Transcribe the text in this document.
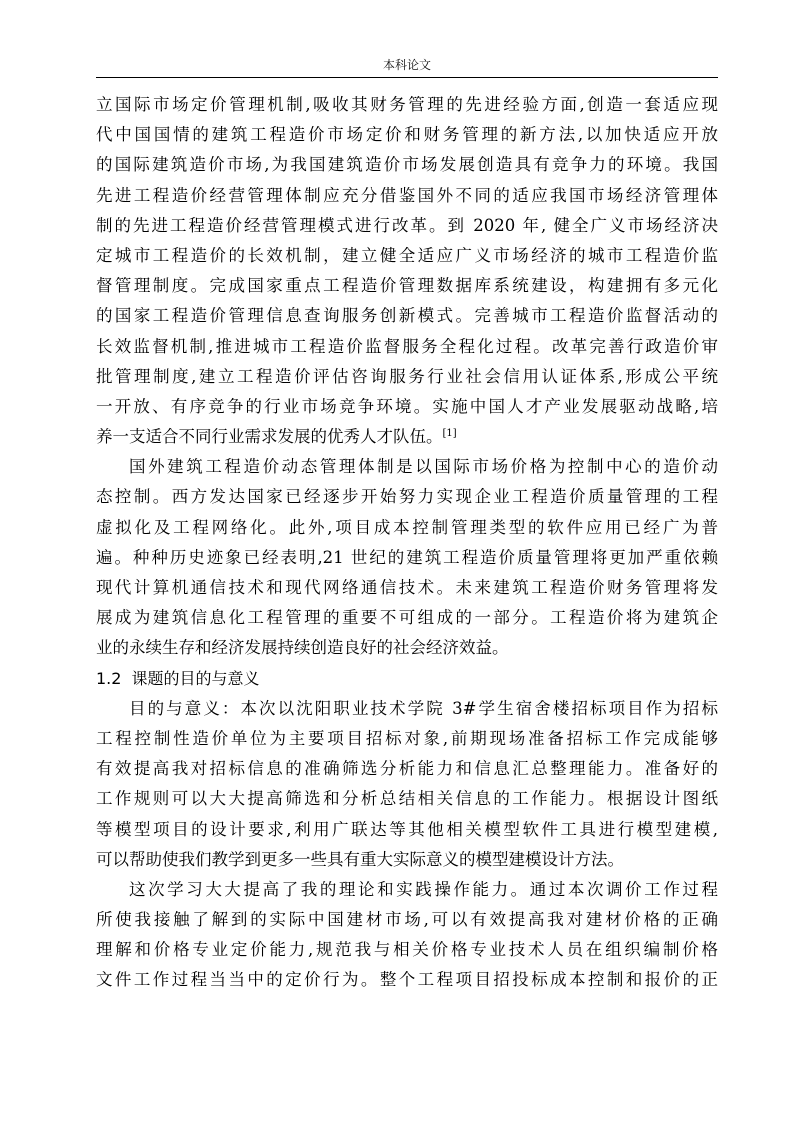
本科论文
立国际市场定价管理机制,吸收其财务管理的先进经验方面,创造一套适应现
代中国国情的建筑工程造价市场定价和财务管理的新方法,以加快适应开放
的国际建筑造价市场,为我国建筑造价市场发展创造具有竞争力的环境。我国
先进工程造价经营管理体制应充分借鉴国外不同的适应我国市场经济管理体
制的先进工程造价经营管理模式进行改革。到 2020 年, 健全广义市场经济决
定城市工程造价的长效机制，建立健全适应广义市场经济的城市工程造价监
督管理制度。完成国家重点工程造价管理数据库系统建设，构建拥有多元化
的国家工程造价管理信息查询服务创新模式。完善城市工程造价监督活动的
长效监督机制,推进城市工程造价监督服务全程化过程。改革完善行政造价审
批管理制度,建立工程造价评估咨询服务行业社会信用认证体系,形成公平统
一开放、有序竞争的行业市场竞争环境。实施中国人才产业发展驱动战略,培
养一支适合不同行业需求发展的优秀人才队伍。[1]
国外建筑工程造价动态管理体制是以国际市场价格为控制中心的造价动
态控制。西方发达国家已经逐步开始努力实现企业工程造价质量管理的工程
虚拟化及工程网络化。此外,项目成本控制管理类型的软件应用已经广为普
遍。种种历史迹象已经表明,21 世纪的建筑工程造价质量管理将更加严重依赖
现代计算机通信技术和现代网络通信技术。未来建筑工程造价财务管理将发
展成为建筑信息化工程管理的重要不可组成的一部分。工程造价将为建筑企
业的永续生存和经济发展持续创造良好的社会经济效益。
1.2 课题的目的与意义
目的与意义：本次以沈阳职业技术学院 3#学生宿舍楼招标项目作为招标
工程控制性造价单位为主要项目招标对象,前期现场准备招标工作完成能够
有效提高我对招标信息的准确筛选分析能力和信息汇总整理能力。准备好的
工作规则可以大大提高筛选和分析总结相关信息的工作能力。根据设计图纸
等模型项目的设计要求,利用广联达等其他相关模型软件工具进行模型建模,
可以帮助使我们教学到更多一些具有重大实际意义的模型建模设计方法。
这次学习大大提高了我的理论和实践操作能力。通过本次调价工作过程
所使我接触了解到的实际中国建材市场,可以有效提高我对建材价格的正确
理解和价格专业定价能力,规范我与相关价格专业技术人员在组织编制价格
文件工作过程当当中的定价行为。整个工程项目招投标成本控制和报价的正
